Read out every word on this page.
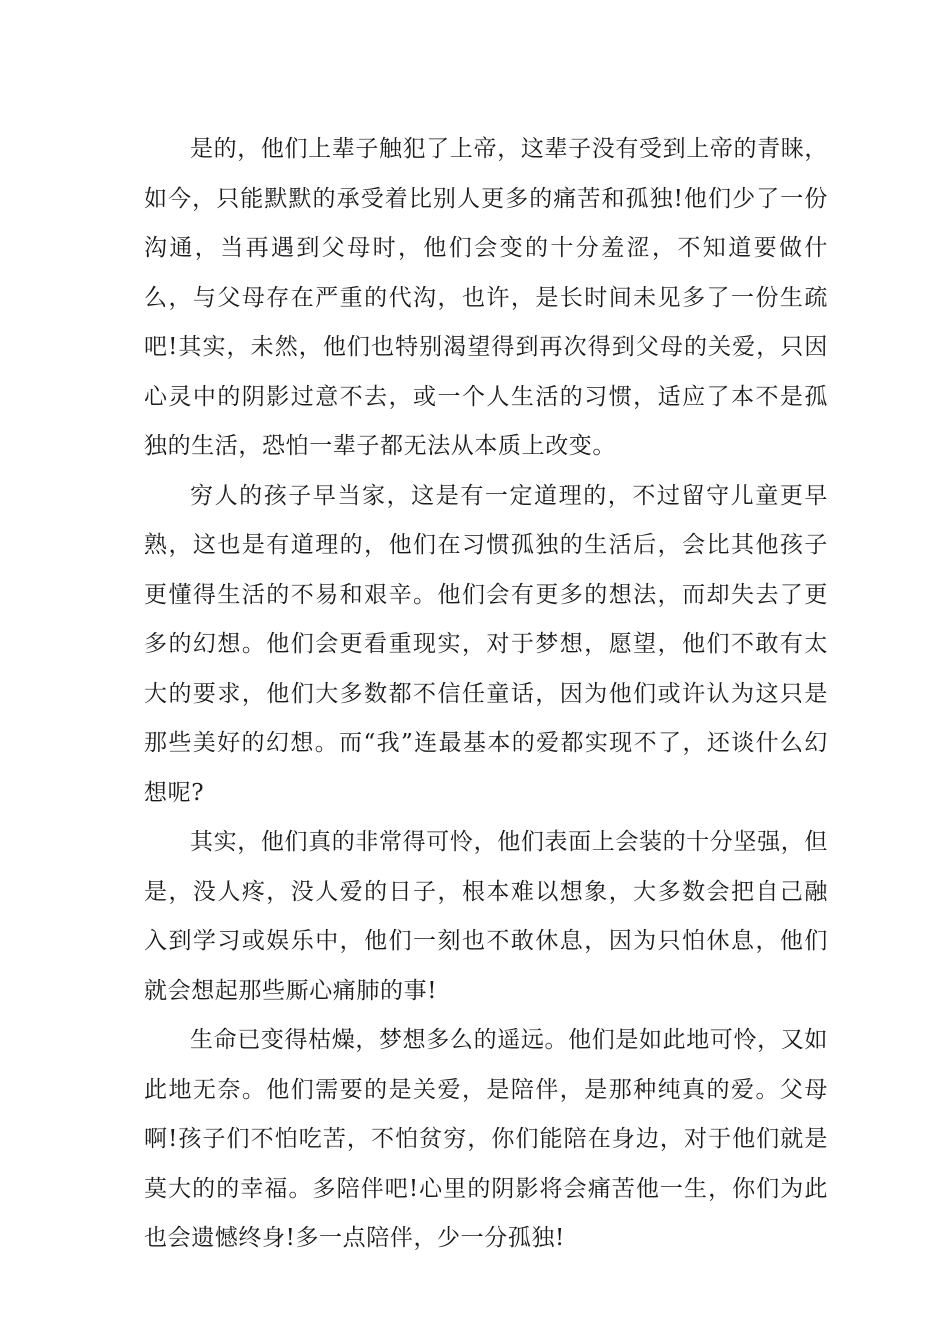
是的，他们上辈子触犯了上帝，这辈子没有受到上帝的青睐，如今，只能默默的承受着比别人更多的痛苦和孤独!他们少了一份沟通，当再遇到父母时，他们会变的十分羞涩，不知道要做什么，与父母存在严重的代沟，也许，是长时间未见多了一份生疏吧!其实，未然，他们也特别渴望得到再次得到父母的关爱，只因心灵中的阴影过意不去，或一个人生活的习惯，适应了本不是孤独的生活，恐怕一辈子都无法从本质上改变。

穷人的孩子早当家，这是有一定道理的，不过留守儿童更早熟，这也是有道理的，他们在习惯孤独的生活后，会比其他孩子更懂得生活的不易和艰辛。他们会有更多的想法，而却失去了更多的幻想。他们会更看重现实，对于梦想，愿望，他们不敢有太大的要求，他们大多数都不信任童话，因为他们或许认为这只是那些美好的幻想。而“我”连最基本的爱都实现不了，还谈什么幻想呢?

其实，他们真的非常得可怜，他们表面上会装的十分坚强，但是，没人疼，没人爱的日子，根本难以想象，大多数会把自己融入到学习或娱乐中，他们一刻也不敢休息，因为只怕休息，他们就会想起那些厮心痛肺的事!

生命已变得枯燥，梦想多么的遥远。他们是如此地可怜，又如此地无奈。他们需要的是关爱，是陪伴，是那种纯真的爱。父母啊!孩子们不怕吃苦，不怕贫穷，你们能陪在身边，对于他们就是莫大的的幸福。多陪伴吧!心里的阴影将会痛苦他一生，你们为此也会遗憾终身!多一点陪伴，少一分孤独!
